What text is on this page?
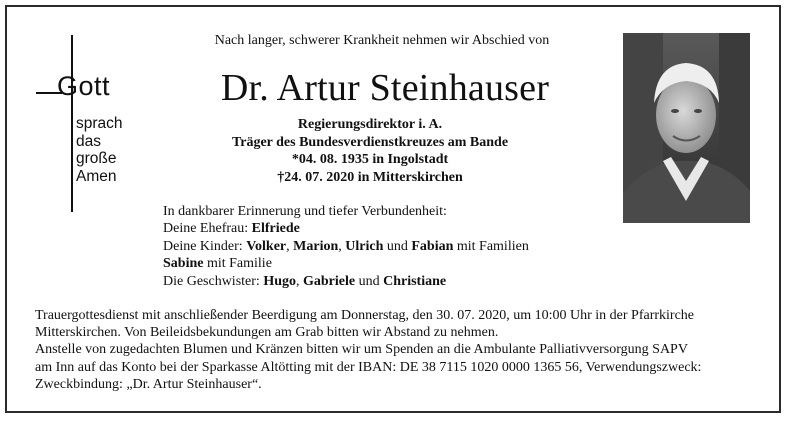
Gott
sprach
das
große
Amen
Nach langer, schwerer Krankheit nehmen wir Abschied von
Dr. Artur Steinhauser
Regierungsdirektor i. A.
Träger des Bundesverdienstkreuzes am Bande
*04. 08. 1935 in Ingolstadt
†24. 07. 2020 in Mitterskirchen
In dankbarer Erinnerung und tiefer Verbundenheit:
Deine Ehefrau: Elfriede
Deine Kinder: Volker, Marion, Ulrich und Fabian mit Familien
Sabine mit Familie
Die Geschwister: Hugo, Gabriele und Christiane
Trauergottesdienst mit anschließender Beerdigung am Donnerstag, den 30. 07. 2020, um 10:00 Uhr in der Pfarrkirche
Mitterskirchen. Von Beileidsbekundungen am Grab bitten wir Abstand zu nehmen.
Anstelle von zugedachten Blumen und Kränzen bitten wir um Spenden an die Ambulante Palliativversorgung SAPV
am Inn auf das Konto bei der Sparkasse Altötting mit der IBAN: DE 38 7115 1020 0000 1365 56, Verwendungszweck:
Zweckbindung: „Dr. Artur Steinhauser“.
